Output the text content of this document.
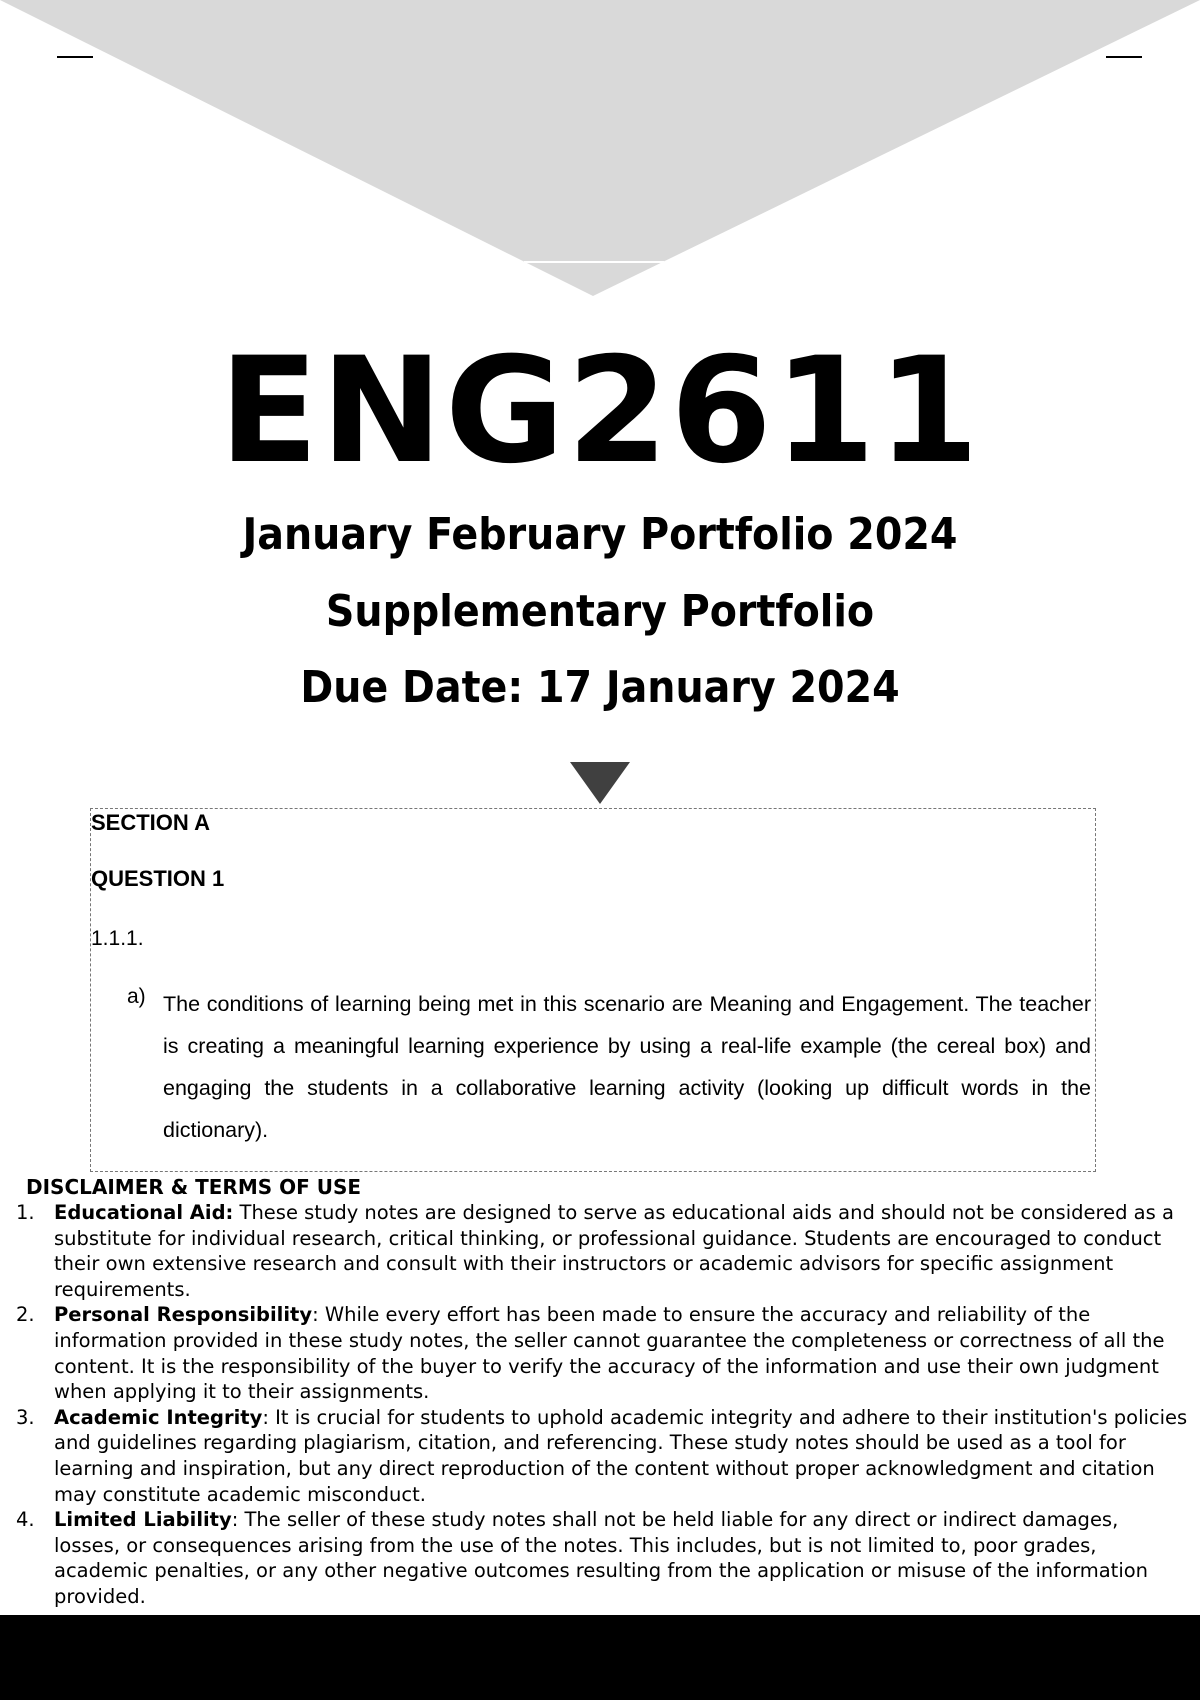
ENG2611
January February Portfolio 2024
Supplementary Portfolio
Due Date: 17 January 2024
SECTION A
QUESTION 1
1.1.1.
a) The conditions of learning being met in this scenario are Meaning and Engagement. The teacher is creating a meaningful learning experience by using a real-life example (the cereal box) and engaging the students in a collaborative learning activity (looking up difficult words in the dictionary).
DISCLAIMER & TERMS OF USE
1. Educational Aid: These study notes are designed to serve as educational aids and should not be considered as a substitute for individual research, critical thinking, or professional guidance. Students are encouraged to conduct their own extensive research and consult with their instructors or academic advisors for specific assignment requirements.
2. Personal Responsibility: While every effort has been made to ensure the accuracy and reliability of the information provided in these study notes, the seller cannot guarantee the completeness or correctness of all the content. It is the responsibility of the buyer to verify the accuracy of the information and use their own judgment when applying it to their assignments.
3. Academic Integrity: It is crucial for students to uphold academic integrity and adhere to their institution's policies and guidelines regarding plagiarism, citation, and referencing. These study notes should be used as a tool for learning and inspiration, but any direct reproduction of the content without proper acknowledgment and citation may constitute academic misconduct.
4. Limited Liability: The seller of these study notes shall not be held liable for any direct or indirect damages, losses, or consequences arising from the use of the notes. This includes, but is not limited to, poor grades, academic penalties, or any other negative outcomes resulting from the application or misuse of the information provided.
